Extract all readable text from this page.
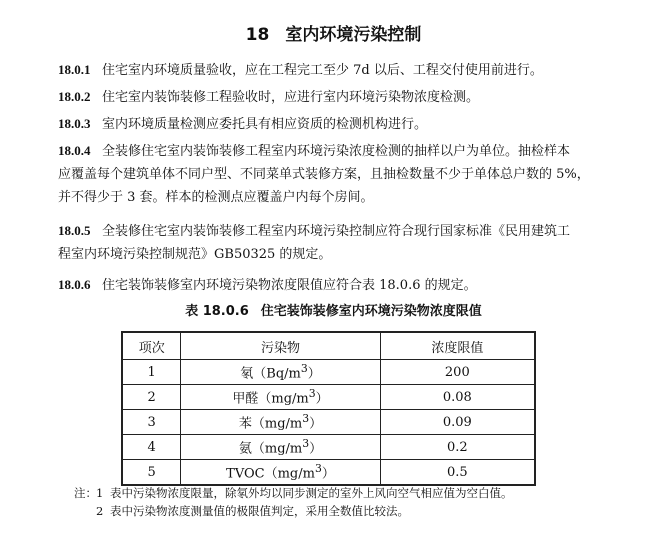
18 室内环境污染控制

18.0.1 住宅室内环境质量验收，应在工程完工至少 7d 以后、工程交付使用前进行。

18.0.2 住宅室内装饰装修工程验收时，应进行室内环境污染物浓度检测。

18.0.3 室内环境质量检测应委托具有相应资质的检测机构进行。

18.0.4 全装修住宅室内装饰装修工程室内环境污染浓度检测的抽样以户为单位。抽检样本
应覆盖每个建筑单体不同户型、不同菜单式装修方案，且抽检数量不少于单体总户数的 5%，
并不得少于 3 套。样本的检测点应覆盖户内每个房间。
18.0.5 全装修住宅室内装饰装修工程室内环境污染控制应符合现行国家标准《民用建筑工
程室内环境污染控制规范》GB50325 的规定。

18.0.6 住宅装饰装修室内环境污染物浓度限值应符合表 18.0.6 的规定。

表 18.0.6 住宅装饰装修室内环境污染物浓度限值
项次	污染物	浓度限值
1	氡$(Bq/m^3)$	200
2	甲醛$(mg/m^3)$	0.08
3	苯$(mg/m^3)$	0.09
4	氨$(mg/m^3)$	0.2
5	$TVOC(mg/m^3)$	0.5
注：1 表中污染物浓度限量，除氡外均以同步测定的室外上风向空气相应值为空白值。
2 表中污染物浓度测量值的极限值判定，采用全数值比较法。
